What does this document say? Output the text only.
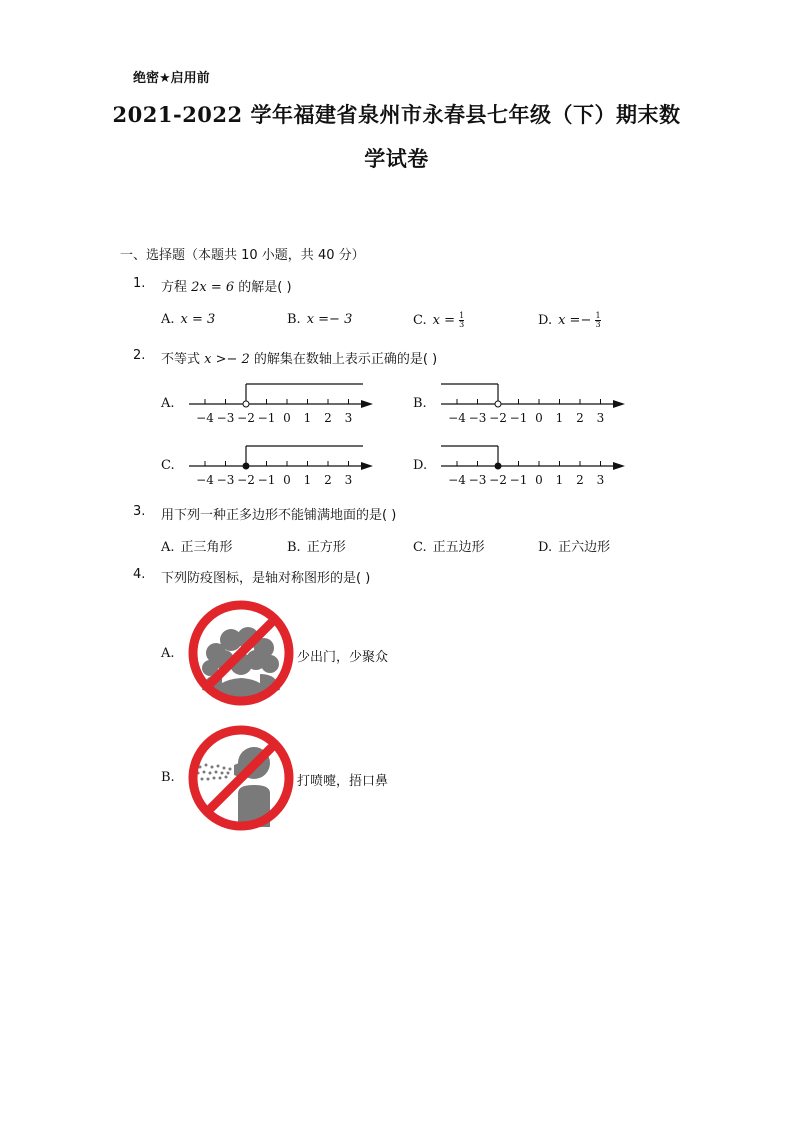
绝密★启用前
2021-2022 学年福建省泉州市永春县七年级（下）期末数
学试卷
一、选择题（本题共 10 小题，共 40 分）
1. 方程 2x = 6 的解是( )
A. x = 3	B. x =− 3	C. $x = \frac{1}{3}$	D. $x =- \frac{1}{3}$
2. 不等式 x >− 2 的解集在数轴上表示正确的是( )
A.	B.
C.	D.
−4 −3 −2 −1 0 1 2 3	−4 −3 −2 −1 0 1 2 3
−4 −3 −2 −1 0 1 2 3	−4 −3 −2 −1 0 1 2 3
3. 用下列一种正多边形不能铺满地面的是( )
A. 正三角形	B. 正方形	C. 正五边形	D. 正六边形
4. 下列防疫图标，是轴对称图形的是( )
A.	少出门，少聚众
B.	打喷嚏，捂口鼻
